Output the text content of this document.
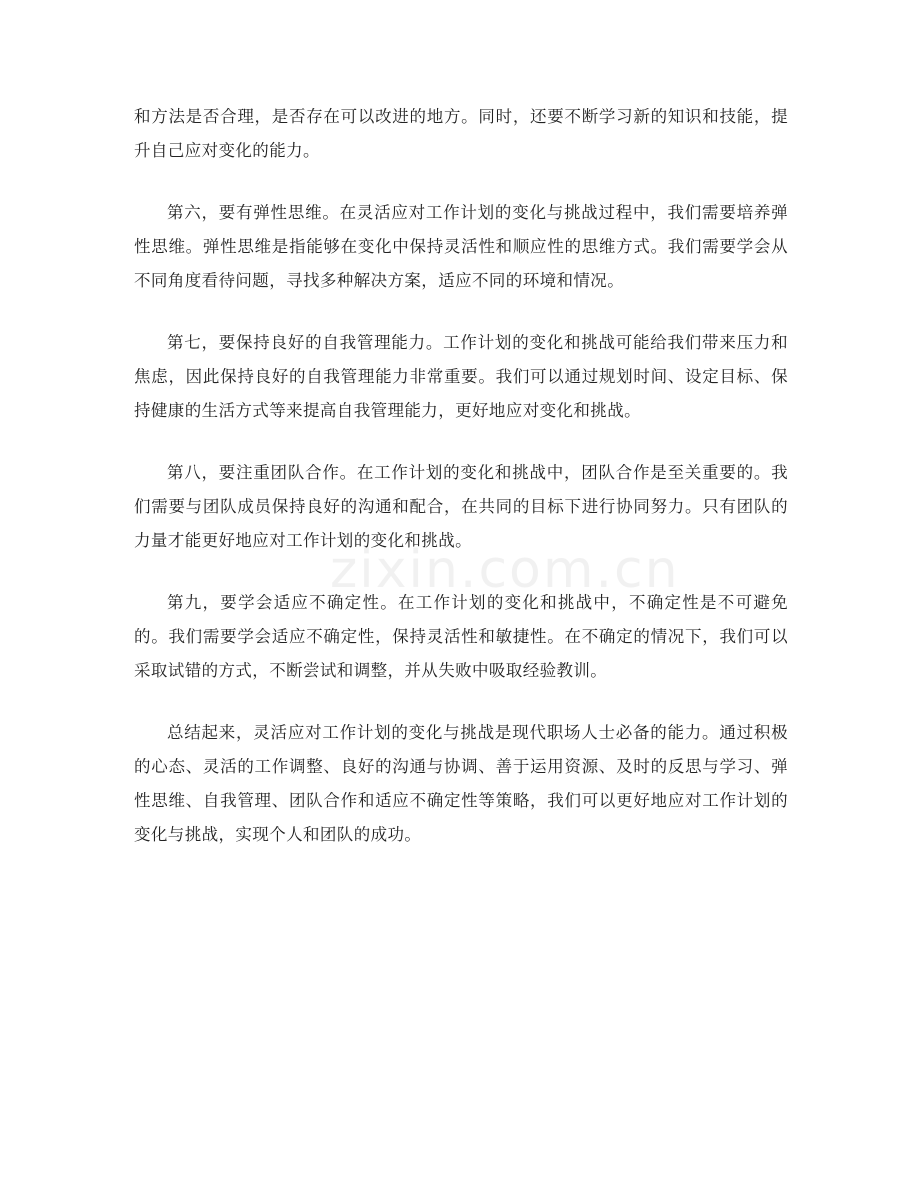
和方法是否合理，是否存在可以改进的地方。同时，还要不断学习新的知识和技能，提升自己应对变化的能力。

第六，要有弹性思维。在灵活应对工作计划的变化与挑战过程中，我们需要培养弹性思维。弹性思维是指能够在变化中保持灵活性和顺应性的思维方式。我们需要学会从不同角度看待问题，寻找多种解决方案，适应不同的环境和情况。

第七，要保持良好的自我管理能力。工作计划的变化和挑战可能给我们带来压力和焦虑，因此保持良好的自我管理能力非常重要。我们可以通过规划时间、设定目标、保持健康的生活方式等来提高自我管理能力，更好地应对变化和挑战。

第八，要注重团队合作。在工作计划的变化和挑战中，团队合作是至关重要的。我们需要与团队成员保持良好的沟通和配合，在共同的目标下进行协同努力。只有团队的力量才能更好地应对工作计划的变化和挑战。

第九，要学会适应不确定性。在工作计划的变化和挑战中，不确定性是不可避免的。我们需要学会适应不确定性，保持灵活性和敏捷性。在不确定的情况下，我们可以采取试错的方式，不断尝试和调整，并从失败中吸取经验教训。

总结起来，灵活应对工作计划的变化与挑战是现代职场人士必备的能力。通过积极的心态、灵活的工作调整、良好的沟通与协调、善于运用资源、及时的反思与学习、弹性思维、自我管理、团队合作和适应不确定性等策略，我们可以更好地应对工作计划的变化与挑战，实现个人和团队的成功。

zixin.com.cn
